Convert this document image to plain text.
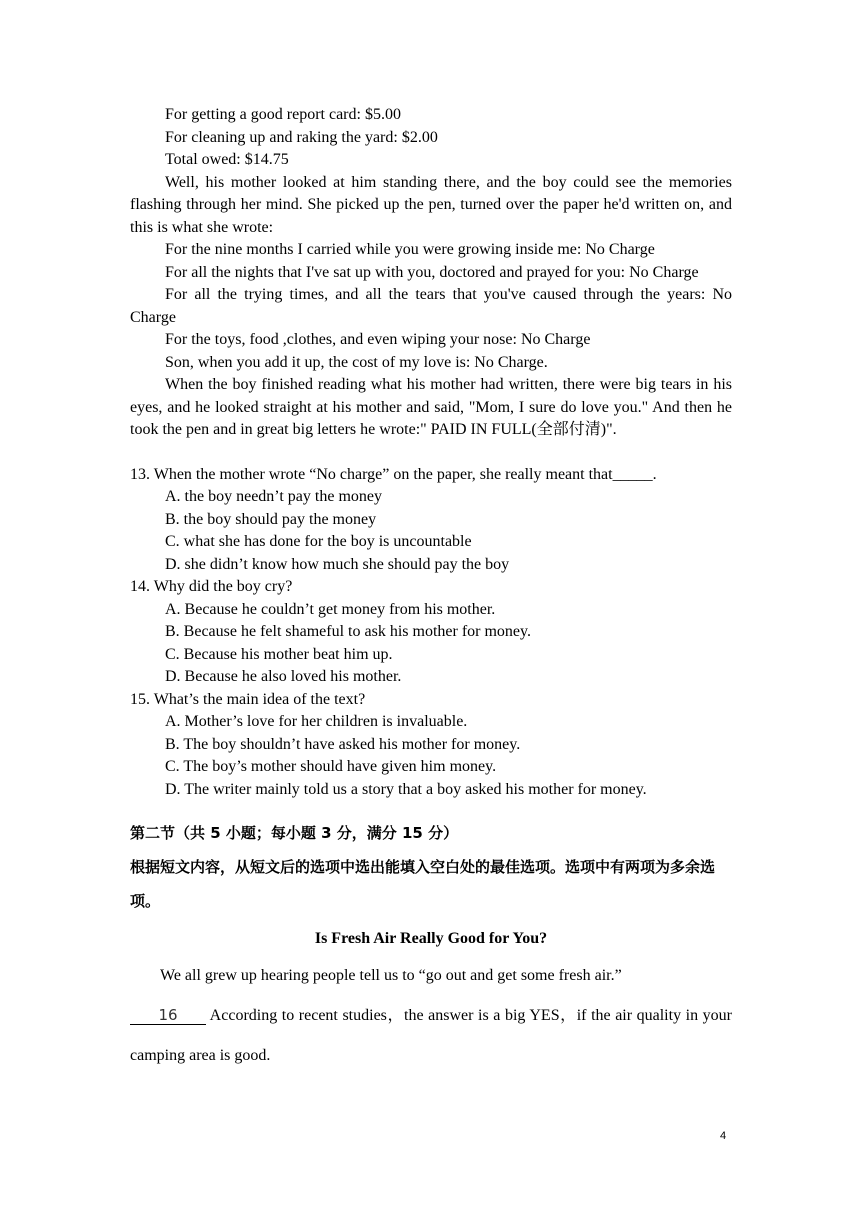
For getting a good report card: $5.00

For cleaning up and raking the yard: $2.00

Total owed: $14.75

Well, his mother looked at him standing there, and the boy could see the memories flashing through her mind. She picked up the pen, turned over the paper he'd written on, and this is what she wrote:

For the nine months I carried while you were growing inside me: No Charge

For all the nights that I've sat up with you, doctored and prayed for you: No Charge

For all the trying times, and all the tears that you've caused through the years: No Charge

For the toys, food ,clothes, and even wiping your nose: No Charge

Son, when you add it up, the cost of my love is: No Charge.

When the boy finished reading what his mother had written, there were big tears in his eyes, and he looked straight at his mother and said, "Mom, I sure do love you." And then he took the pen and in great big letters he wrote:" PAID IN FULL(全部付清)".

13. When the mother wrote “No charge” on the paper, she really meant that_____.

A. the boy needn’t pay the money

B. the boy should pay the money

C. what she has done for the boy is uncountable

D. she didn’t know how much she should pay the boy

14. Why did the boy cry?

A. Because he couldn’t get money from his mother.

B. Because he felt shameful to ask his mother for money.

C. Because his mother beat him up.

D. Because he also loved his mother.

15. What’s the main idea of the text?

A. Mother’s love for her children is invaluable.

B. The boy shouldn’t have asked his mother for money.

C. The boy’s mother should have given him money.

D. The writer mainly told us a story that a boy asked his mother for money.

第二节（共 5 小题；每小题 3 分，满分 15 分）

根据短文内容，从短文后的选项中选出能填入空白处的最佳选项。选项中有两项为多余选项。

Is Fresh Air Really Good for You?

We all grew up hearing people tell us to “go out and get some fresh air.”

16 According to recent studies，the answer is a big YES，if the air quality in your camping area is good.

4
